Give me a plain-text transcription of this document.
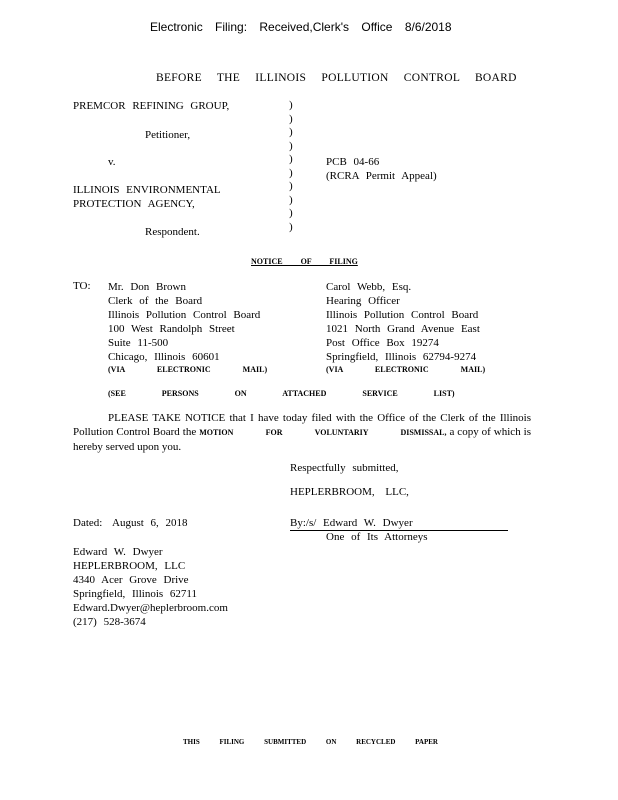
Electronic Filing: Received,Clerk's Office 8/6/2018
BEFORE THE ILLINOIS POLLUTION CONTROL BOARD
PREMCOR REFINING GROUP,
Petitioner,
v.
ILLINOIS ENVIRONMENTAL
PROTECTION AGENCY,
Respondent.
)
)
)
)
)
)
)
)
)
)
PCB 04-66
(RCRA Permit Appeal)
NOTICE OF FILING
TO: Mr. Don Brown
Clerk of the Board
Illinois Pollution Control Board
100 West Randolph Street
Suite 11-500
Chicago, Illinois 60601
(VIA ELECTRONIC MAIL)
Carol Webb, Esq.
Hearing Officer
Illinois Pollution Control Board
1021 North Grand Avenue East
Post Office Box 19274
Springfield, Illinois 62794-9274
(VIA ELECTRONIC MAIL)
(SEE PERSONS ON ATTACHED SERVICE LIST)
PLEASE TAKE NOTICE that I have today filed with the Office of the Clerk of the Illinois Pollution Control Board the MOTION FOR VOLUNTARIY DISMISSAL, a copy of which is hereby served upon you.
Respectfully submitted,
HEPLERBROOM, LLC,
Dated: August 6, 2018	By:/s/ Edward W. Dwyer
One of Its Attorneys
Edward W. Dwyer
HEPLERBROOM, LLC
4340 Acer Grove Drive
Springfield, Illinois 62711
Edward.Dwyer@heplerbroom.com
(217) 528-3674
THIS FILING SUBMITTED ON RECYCLED PAPER
